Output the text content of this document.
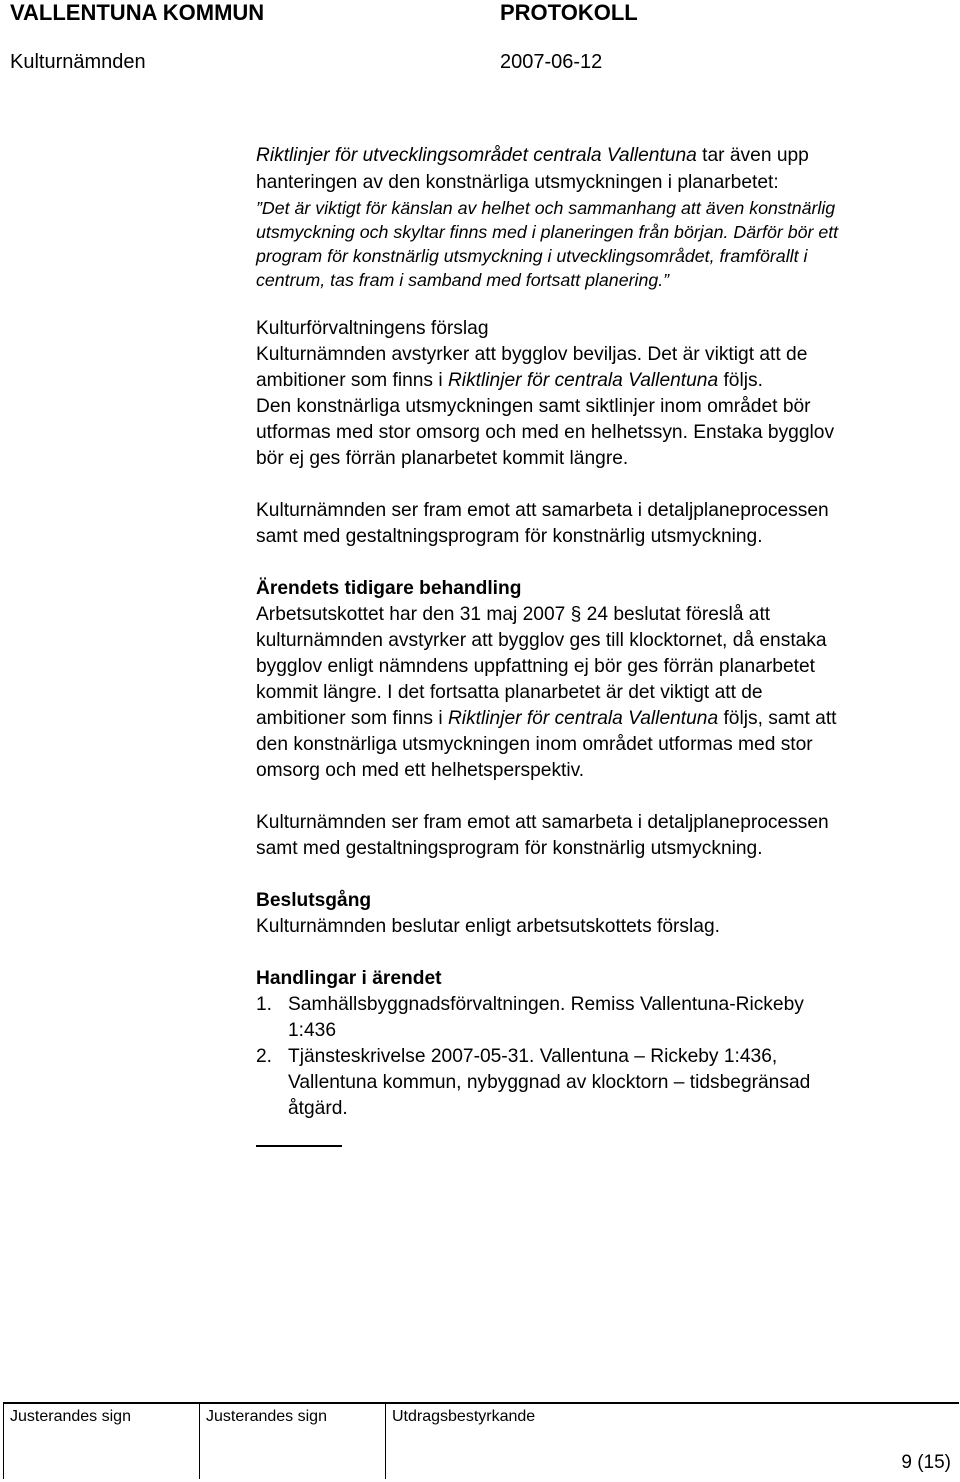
VALLENTUNA KOMMUN	PROTOKOLL
Kulturnämnden	2007-06-12
Riktlinjer för utvecklingsområdet centrala Vallentuna tar även upp
hanteringen av den konstnärliga utsmyckningen i planarbetet:
”Det är viktigt för känslan av helhet och sammanhang att även konstnärlig
utsmyckning och skyltar finns med i planeringen från början. Därför bör ett
program för konstnärlig utsmyckning i utvecklingsområdet, framförallt i
centrum, tas fram i samband med fortsatt planering.”
Kulturförvaltningens förslag
Kulturnämnden avstyrker att bygglov beviljas. Det är viktigt att de
ambitioner som finns i Riktlinjer för centrala Vallentuna följs.
Den konstnärliga utsmyckningen samt siktlinjer inom området bör
utformas med stor omsorg och med en helhetssyn. Enstaka bygglov
bör ej ges förrän planarbetet kommit längre.
Kulturnämnden ser fram emot att samarbeta i detaljplaneprocessen
samt med gestaltningsprogram för konstnärlig utsmyckning.
Ärendets tidigare behandling
Arbetsutskottet har den 31 maj 2007 § 24 beslutat föreslå att
kulturnämnden avstyrker att bygglov ges till klocktornet, då enstaka
bygglov enligt nämndens uppfattning ej bör ges förrän planarbetet
kommit längre. I det fortsatta planarbetet är det viktigt att de
ambitioner som finns i Riktlinjer för centrala Vallentuna följs, samt att
den konstnärliga utsmyckningen inom området utformas med stor
omsorg och med ett helhetsperspektiv.
Kulturnämnden ser fram emot att samarbeta i detaljplaneprocessen
samt med gestaltningsprogram för konstnärlig utsmyckning.
Beslutsgång
Kulturnämnden beslutar enligt arbetsutskottets förslag.
Handlingar i ärendet
1. Samhällsbyggnadsförvaltningen. Remiss Vallentuna-Rickeby
1:436
2. Tjänsteskrivelse 2007-05-31. Vallentuna – Rickeby 1:436,
Vallentuna kommun, nybyggnad av klocktorn – tidsbegränsad
åtgärd.
Justerandes sign	Justerandes sign	Utdragsbestyrkande
9 (15)
